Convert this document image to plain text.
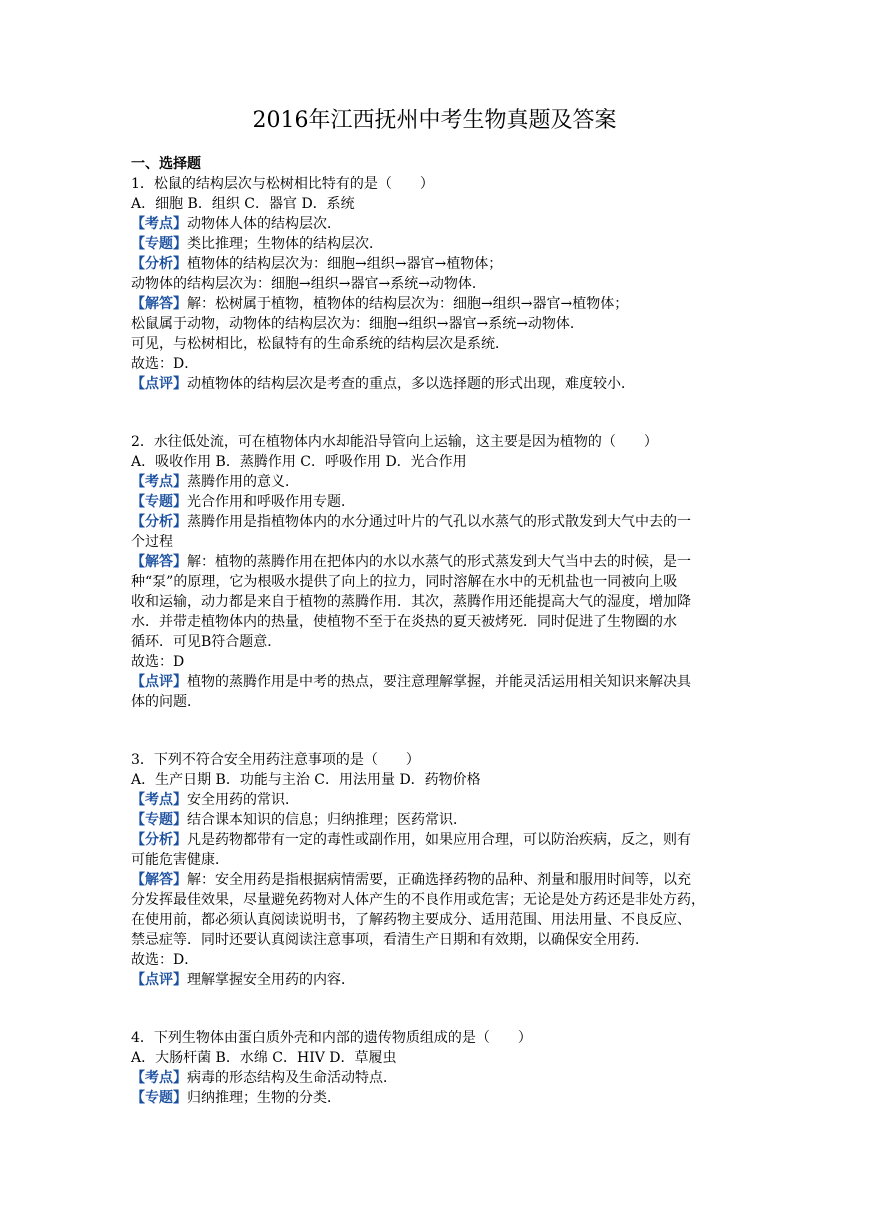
2016年江西抚州中考生物真题及答案
一、选择题
1．松鼠的结构层次与松树相比特有的是（　　）
A．细胞 B．组织 C．器官 D．系统
【考点】动物体人体的结构层次．
【专题】类比推理；生物体的结构层次．
【分析】植物体的结构层次为：细胞→组织→器官→植物体；
动物体的结构层次为：细胞→组织→器官→系统→动物体．
【解答】解：松树属于植物，植物体的结构层次为：细胞→组织→器官→植物体；
松鼠属于动物，动物体的结构层次为：细胞→组织→器官→系统→动物体．
可见，与松树相比，松鼠特有的生命系统的结构层次是系统．
故选：D．
【点评】动植物体的结构层次是考查的重点，多以选择题的形式出现，难度较小．
2．水往低处流，可在植物体内水却能沿导管向上运输，这主要是因为植物的（　　）
A．吸收作用 B．蒸腾作用 C．呼吸作用 D．光合作用
【考点】蒸腾作用的意义．
【专题】光合作用和呼吸作用专题．
【分析】蒸腾作用是指植物体内的水分通过叶片的气孔以水蒸气的形式散发到大气中去的一
个过程
【解答】解：植物的蒸腾作用在把体内的水以水蒸气的形式蒸发到大气当中去的时候，是一
种“泵”的原理，它为根吸水提供了向上的拉力，同时溶解在水中的无机盐也一同被向上吸
收和运输，动力都是来自于植物的蒸腾作用．其次，蒸腾作用还能提高大气的湿度，增加降
水．并带走植物体内的热量，使植物不至于在炎热的夏天被烤死．同时促进了生物圈的水
循环．可见B符合题意．
故选：D
【点评】植物的蒸腾作用是中考的热点，要注意理解掌握，并能灵活运用相关知识来解决具
体的问题．
3．下列不符合安全用药注意事项的是（　　）
A．生产日期 B．功能与主治 C．用法用量 D．药物价格
【考点】安全用药的常识．
【专题】结合课本知识的信息；归纳推理；医药常识．
【分析】凡是药物都带有一定的毒性或副作用，如果应用合理，可以防治疾病，反之，则有
可能危害健康．
【解答】解：安全用药是指根据病情需要，正确选择药物的品种、剂量和服用时间等，以充
分发挥最佳效果，尽量避免药物对人体产生的不良作用或危害；无论是处方药还是非处方药，
在使用前，都必须认真阅读说明书，了解药物主要成分、适用范围、用法用量、不良反应、
禁忌症等．同时还要认真阅读注意事项，看清生产日期和有效期，以确保安全用药．
故选：D．
【点评】理解掌握安全用药的内容．
4．下列生物体由蛋白质外壳和内部的遗传物质组成的是（　　）
A．大肠杆菌 B．水绵 C．HIV D．草履虫
【考点】病毒的形态结构及生命活动特点．
【专题】归纳推理；生物的分类．
